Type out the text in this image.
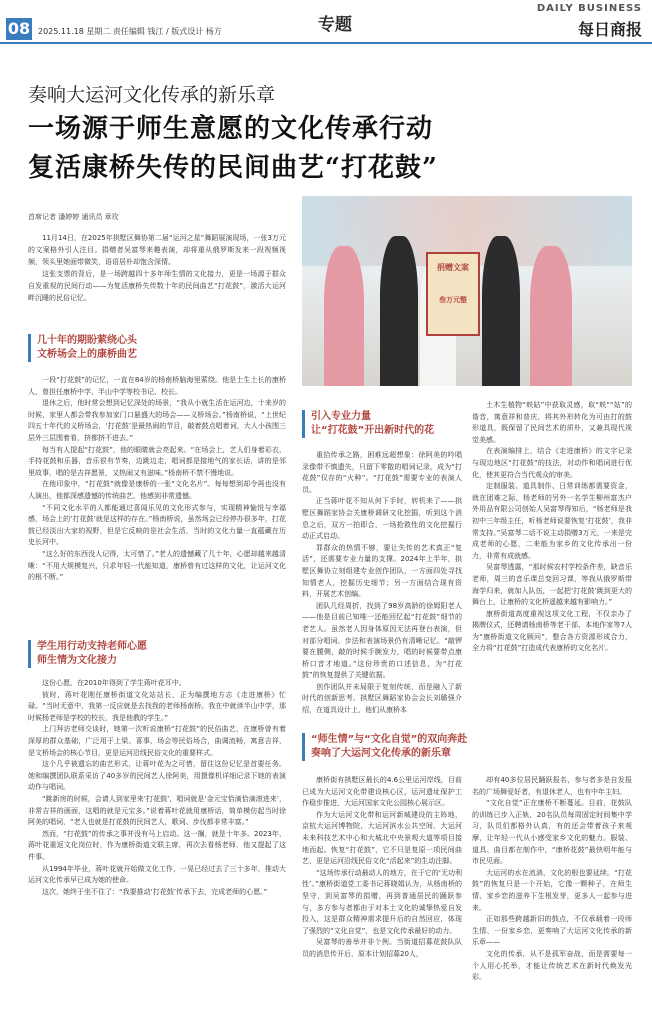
08 2025.11.18 星期二 责任编辑 钱江 / 版式设计 杨方	专题
DAILY BUSINESS
每日商报
奏响大运河文化传承的新乐章
一场源于师生意愿的文化传承行动
复活康桥失传的民间曲艺“打花鼓”
首席记者 潘婷婷 通讯员 章玫

11月14日，在2025年拱墅区舞协第二届“运河之星”舞蹈展演现场，一张3万元的文案格外引人注目。捐赠者吴富琴来趣表演，却将重从俄罗斯发来一段视频视频，领头里她面带微笑，语语居朴却饱含深情。

这张支票的背后，是一场跨越四十多年师生情的文化接力，更是一场源于群众自发重视的民间行动——为复活康桥失传数十年的民间曲艺“打花鼓”，激活大运河畔沉睡的民俗记忆。

捐赠文案
叁万元整
几十年的期盼萦绕心头
文桥场会上的康桥曲艺

一段“打花鼓”的记忆，一直在84岁的杨南桥脑海里萦绕。他是土生土长的康桥人，曾担任康桥中学、半山中学等校书记、校长。

退休之后，他时常会想到记忆深处的场景，“我从小就生活在运河边，十来岁的时候，家里人都会带我参加家门口悬盛大的场会——义桥场会。”杨南桥说，“上世纪四五十年代的义桥场会，‘打花鼓’是最热闹的节目，敲着鼓点唱着词，大人小孩围三层外三层围着看，挤都挤不进去。”

每当有人提起“打花鼓”，他的眼睛就会亮起来。“在场会上，艺人们身着彩衣，手持花鼓和乐器，音乐很有节奏，边跳边走，唱词都是接地气的家长话，讲的是邻里故事，唱的是吉祥愿景，又热闹又有滋味。”杨南桥不禁不慢地说。

在他印象中，“打花鼓”就像是康桥的一张“文化名片”。每每想到却令再也没有人演出，他都深感遗憾的传统曲艺，他感到非常遗憾。

“不同文化水平的人都能通过喜闻乐见的文化形式参与，实现精神愉悦与幸福感，场会上的‘打花鼓’就是这样的存在。”杨南桥说，虽然场会已经停办很多年，打花鼓已经淡出大家的视野，但是它反映的是社会生活，当时的文化力量一直蕴藏在历史长河中。

“这么好的东西没人记得，太可惜了。”老人的遗憾藏了几十年，心愿却越来越清晰：“不用大规模复兴，只求年轻一代能知道，康桥曾有过这样的文化，让运河文化的根不断。”

学生用行动支持老师心愿
师生情为文化接力

这份心愿，在2010年得到了学生蒋叶花耳中。

彼时，蒋叶花刚任康桥街道文化站站长，正为编撰地方志《走进康桥》忙碌。“当时无意中，我第一反应就是去找我的老师杨南桥。我在中就读半山中学，那时候杨老师是学校的校长，我是他教的学生。”

上门拜访老师交谈时，她第一次听说康桥“打花鼓”的民俗曲艺，在康桥曾有着深厚的群众基础，广泛用于上梁、喜事、场会等民俗场合，曲调流畅，寓意吉祥，是文桥场会的核心节目，更是运河沿线民俗文化的重要样式。

这个几乎被遗忘的曲艺形式，让蒋叶花为之可惜，留住这份记忆是首要任务。她和编撰团队联系采访了40多岁的民间艺人徐阿美，用摄像机详细记录下她的表演动作与唱词。

“跳新房的时候，会请人到家里来‘打花鼓’，唱词就是‘金元宝恰滴恰滴滚进来’，非常吉祥的画面，这唱的就是元宝多。”说着蒋叶花就用康桥话，简单模仿起当时徐阿美的唱词，“老人也就是打花鼓的民间艺人，歌词、步伐都非常丰富。”

然而，“打花鼓”的传承之事并没有马上启动。这一搁，就是十年多。2023年，蒋叶花重返文化岗位时，作为康桥街道文联主席，再次去看杨老师，他又提起了这件事。

从1994年毕业，蒋叶花就开始做文化工作，一晃已经过去了三十多年，推动大运河文化传承早已成为她的使命。

这次，她终于坐不住了：“我要推动‘打花鼓’传承下去，完成老师的心愿。”

引入专业力量
让“打花鼓”开出新时代的花

重拾传承之路，困难远超想象：徐阿美的吟唱录像带不慎遗失，只留下零散的唱词记录，成为“打花鼓”仅存的“火种”。“打花鼓”需要专业的表演人员。

正当蒋叶花不知从何下手时，转机来了——拱墅区舞蹈家协会关康桥调研文化挖掘，听到这个消息之后，双方一拍即合，一场抢救性的文化挖掘行动正式启动。

罪群众的热情不够，要让失传的艺术真正“复活”，还需要专业力量的支撑。2024年上半年，拱墅区舞协立刻组建专业创作团队，一方面四处寻找知情老人，挖掘历史细节；另一方面结合现有资料，开展艺术创编。

团队几经周折，找到了98岁高龄的徐姆阳老人——他是目前已知唯一还能回忆起“打花鼓”细节的老艺人。虽然老人因身体原因无法再登台表演，但对部分唱词、步法和表演场景仍有清晰记忆。“敲锣要在腰侧，敲的时候手腕发力，唱的时候要带点康桥口音才地道。”这份珍贵的口述信息，为“打花鼓”的恢复提供了关键依据。

创作团队并未局限于复刻传统，而是融入了新时代的创新思考。拱墅区舞蹈家协会会长刘璐强介绍，在道具设计上，他们从康桥本

土木生植物“麸姑”中获取灵感，取“麸”“姑”的谐音，寓意祥和普庆，将其外形转化为可由打的鼓形道具，既保留了民间艺术的质朴，又兼具现代视觉美感。

在表演编排上，结合《走进康桥》的文字记录与现边地区“打花鼓”的技法，对动作和唱词进行优化，使其更符合当代观众的审美。

定制服装、道具制作、日常训练都需要资金，就在团难之际，杨老师的另外一名学生柳州富杰户外用品有限公司创始人吴富琴得知后，“杨老师是我初中三年级主任，听杨老师说要恢复‘打花鼓’，我非常支持。”吴富琴二话不说主动捐赠3万元，一来是完成老师的心愿，二来能为家乡的文化传承出一份力，非常有成就感。

吴富琴透露，“那时候农村学校条件差，缺音乐老师，周三的音乐课总变回习课，等我从俄罗斯带海学归来，就加入队伍，一起把‘打花鼓’跳到更大的舞台上，让康桥的文化桥遥越来越有影响力。”

康桥街道高度重视这项文化工程，不仅亲办了揭牌仪式，还聘请杨南桥等老干部、本地作家等7人为“康桥街道文化顾问”，整合各方资源形成合力，全力将“打花鼓”打造成代表康桥的文化名片。

“师生情”与“文化自觉”的双向奔赴
奏响了大运河文化传承的新乐章

康桥街有拱墅区最长的4.6公里运河岸线，目前已成为大运河文化带建设核心区，运河遗址保护工作稳步推进，大运河国家文化公园核心展示区。

作为大运河文化带和运河新城建设的主阵地，京杭大运河博物院、大运河滨水公共空间、大运河未来科技艺术中心和大城北中央景观大道等项目接地而起。恢复“打花鼓”，它不只是复原一项民间曲艺，更是运河沿线民俗文化“活起来”的生动注脚。

“这场传承行动最动人的地方，在于它的‘无功利性’。”康桥街道党工委书记蒋晓娟认为，从杨南桥的坚守，到吴富琴的捐赠，再到普通居民的踊跃参与，多方参与者都由于对本土文化的诚挚热爱自发投入，这是群众精神需求提升后的自然回应，体现了强烈的“文化自觉”，也是文化传承最好的动力。

吴富琴的善举并非个例。当街道招募花鼓队队员的消息传开后，原本计划招募20人，

却有40多位居民踊跃报名，参与者多是自发报名的广场舞爱好者，有退休老人，也有中年主妇。

“文化自觉”正在康桥不断蔓延。目前，花鼓队的训练已步入正轨，20名队员每周固定时间集中学习，队员们都格外认真，有的还会带着孩子来观摩，让年轻一代从小感受家乡文化的魅力。服装、道具、曲目都在制作中，“康桥花鼓”最快明年能与市民见面。

大运河的水在流淌，文化的根也要延续。“打花鼓”的恢复只是一个开始，它像一颗种子，在师生情、家乡恋的滋养下生根发芽，更多人一起参与进来。

正如那些跨越新旧的鼓点，不仅承载着一段师生情、一份家乡恋，更奏响了大运河文化传承的新乐章——

文化的传承，从不是孤军奋战，而是需要每一个人用心托举，才能让传统艺术在新时代焕发光彩。
